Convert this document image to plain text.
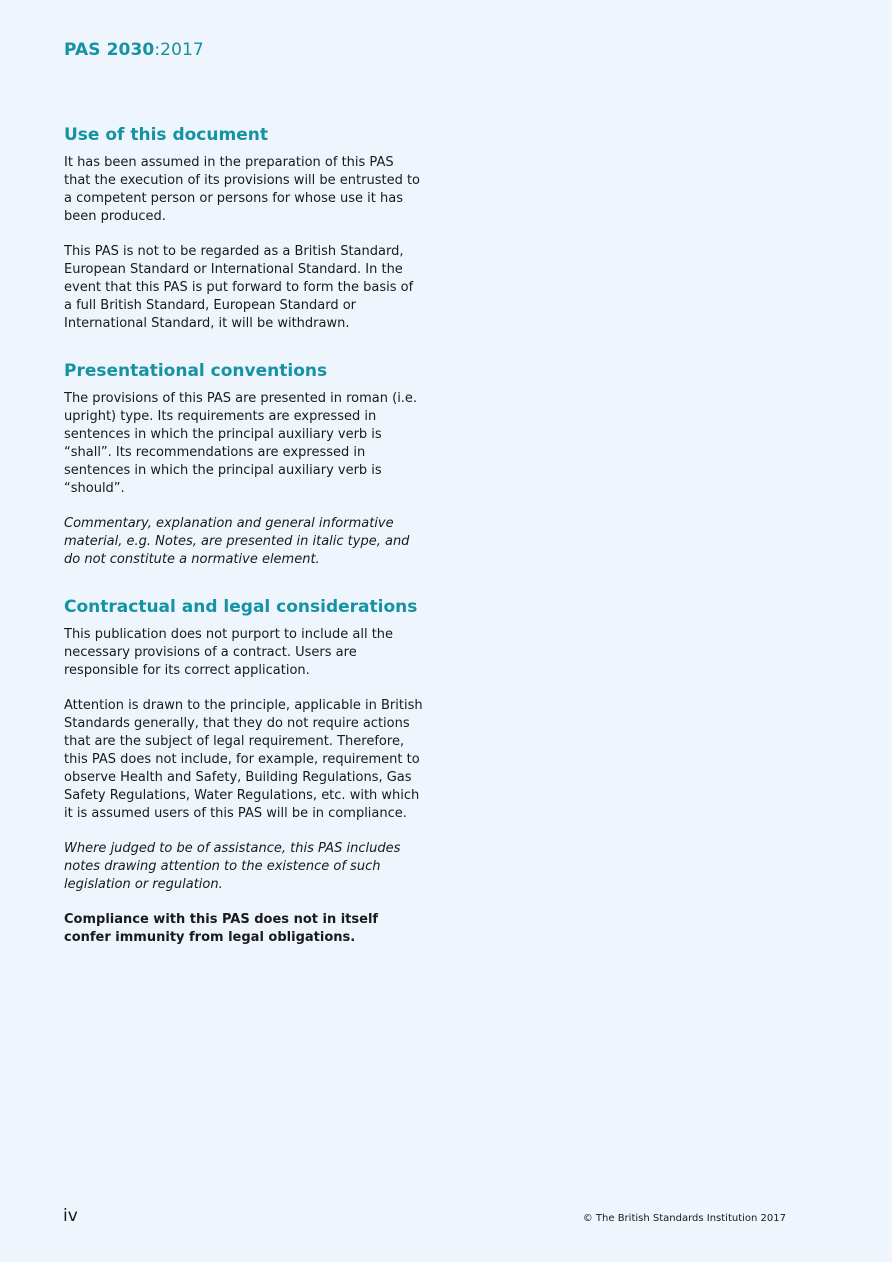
PAS 2030:2017
Use of this document

It has been assumed in the preparation of this PAS that the execution of its provisions will be entrusted to a competent person or persons for whose use it has been produced.

This PAS is not to be regarded as a British Standard, European Standard or International Standard. In the event that this PAS is put forward to form the basis of a full British Standard, European Standard or International Standard, it will be withdrawn.

Presentational conventions

The provisions of this PAS are presented in roman (i.e. upright) type. Its requirements are expressed in sentences in which the principal auxiliary verb is “shall”. Its recommendations are expressed in sentences in which the principal auxiliary verb is “should”.

Commentary, explanation and general informative material, e.g. Notes, are presented in italic type, and do not constitute a normative element.

Contractual and legal considerations

This publication does not purport to include all the necessary provisions of a contract. Users are responsible for its correct application.

Attention is drawn to the principle, applicable in British Standards generally, that they do not require actions that are the subject of legal requirement. Therefore, this PAS does not include, for example, requirement to observe Health and Safety, Building Regulations, Gas Safety Regulations, Water Regulations, etc. with which it is assumed users of this PAS will be in compliance.

Where judged to be of assistance, this PAS includes notes drawing attention to the existence of such legislation or regulation.

Compliance with this PAS does not in itself confer immunity from legal obligations.

iv	© The British Standards Institution 2017
